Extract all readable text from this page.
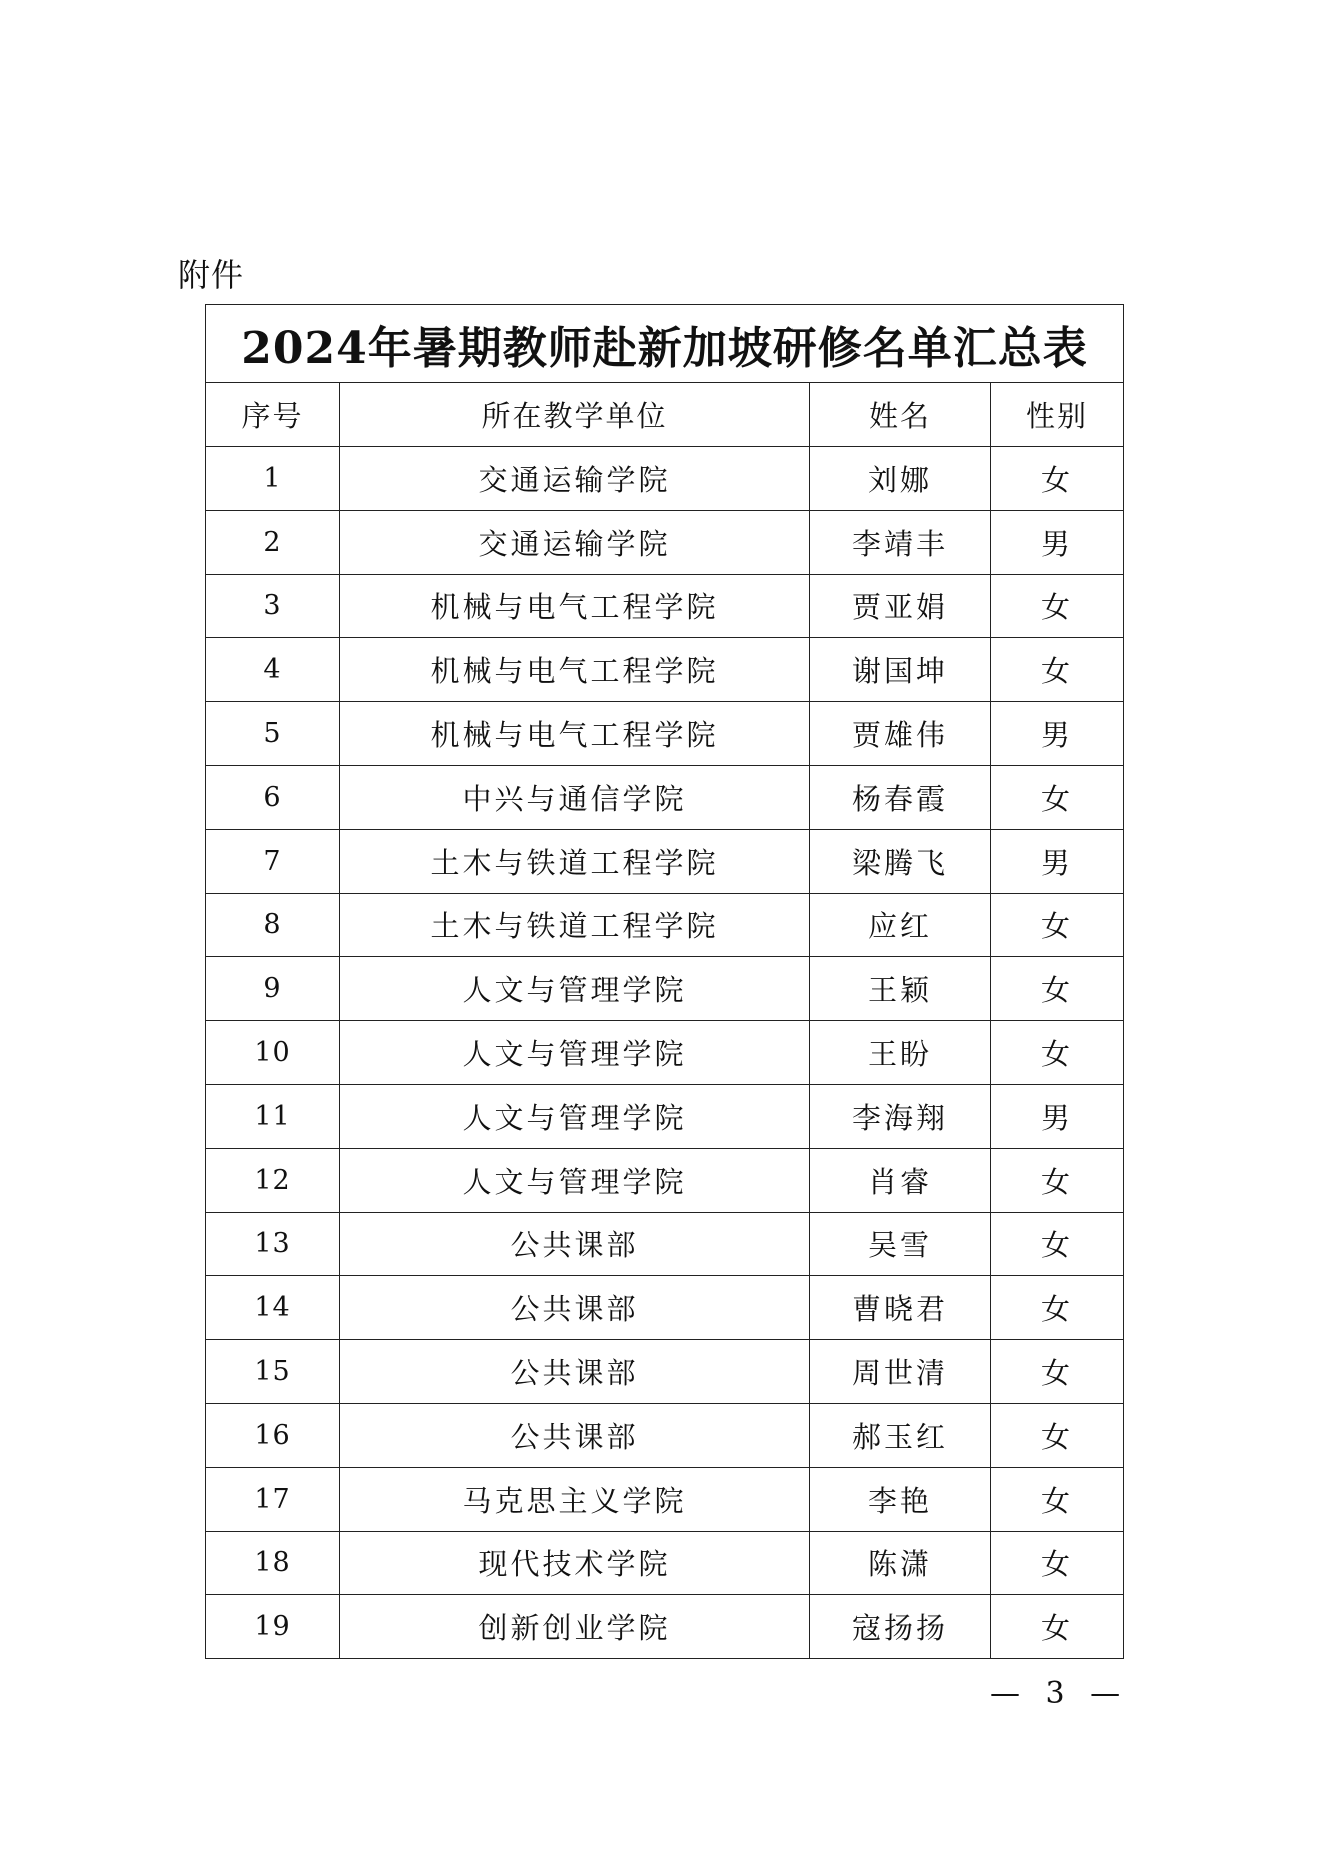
附件
2024年暑期教师赴新加坡研修名单汇总表			
序号	所在教学单位	姓名	性别
1	交通运输学院	刘娜	女
2	交通运输学院	李靖丰	男
3	机械与电气工程学院	贾亚娟	女
4	机械与电气工程学院	谢国坤	女
5	机械与电气工程学院	贾雄伟	男
6	中兴与通信学院	杨春霞	女
7	土木与铁道工程学院	梁腾飞	男
8	土木与铁道工程学院	应红	女
9	人文与管理学院	王颖	女
10	人文与管理学院	王盼	女
11	人文与管理学院	李海翔	男
12	人文与管理学院	肖睿	女
13	公共课部	吴雪	女
14	公共课部	曹晓君	女
15	公共课部	周世清	女
16	公共课部	郝玉红	女
17	马克思主义学院	李艳	女
18	现代技术学院	陈潇	女
19	创新创业学院	寇扬扬	女
— 3 —
